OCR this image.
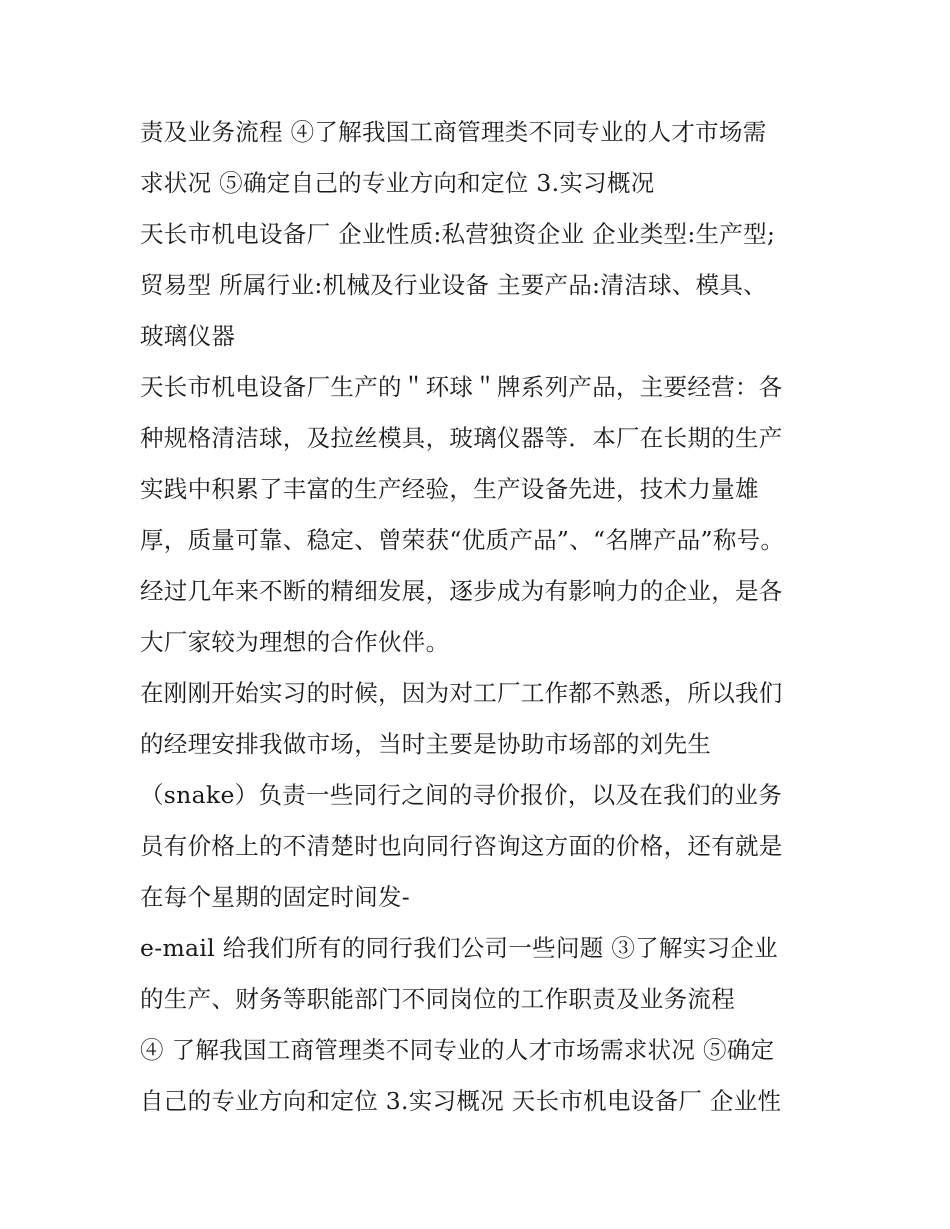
责及业务流程 ④了解我国工商管理类不同专业的人才市场需
求状况 ⑤确定自己的专业方向和定位 3.实习概况
天长市机电设备厂 企业性质:私营独资企业 企业类型:生产型;
贸易型 所属行业:机械及行业设备 主要产品:清洁球、模具、
玻璃仪器
天长市机电设备厂生产的＂环球＂牌系列产品，主要经营：各
种规格清洁球，及拉丝模具，玻璃仪器等．本厂在长期的生产
实践中积累了丰富的生产经验，生产设备先进，技术力量雄
厚，质量可靠、稳定、曾荣获“优质产品”、“名牌产品”称号。
经过几年来不断的精细发展，逐步成为有影响力的企业，是各
大厂家较为理想的合作伙伴。
在刚刚开始实习的时候，因为对工厂工作都不熟悉，所以我们
的经理安排我做市场，当时主要是协助市场部的刘先生
（snake）负责一些同行之间的寻价报价，以及在我们的业务
员有价格上的不清楚时也向同行咨询这方面的价格，还有就是
在每个星期的固定时间发-
e-mail 给我们所有的同行我们公司一些问题 ③了解实习企业
的生产、财务等职能部门不同岗位的工作职责及业务流程
④ 了解我国工商管理类不同专业的人才市场需求状况 ⑤确定
自己的专业方向和定位 3.实习概况 天长市机电设备厂 企业性
